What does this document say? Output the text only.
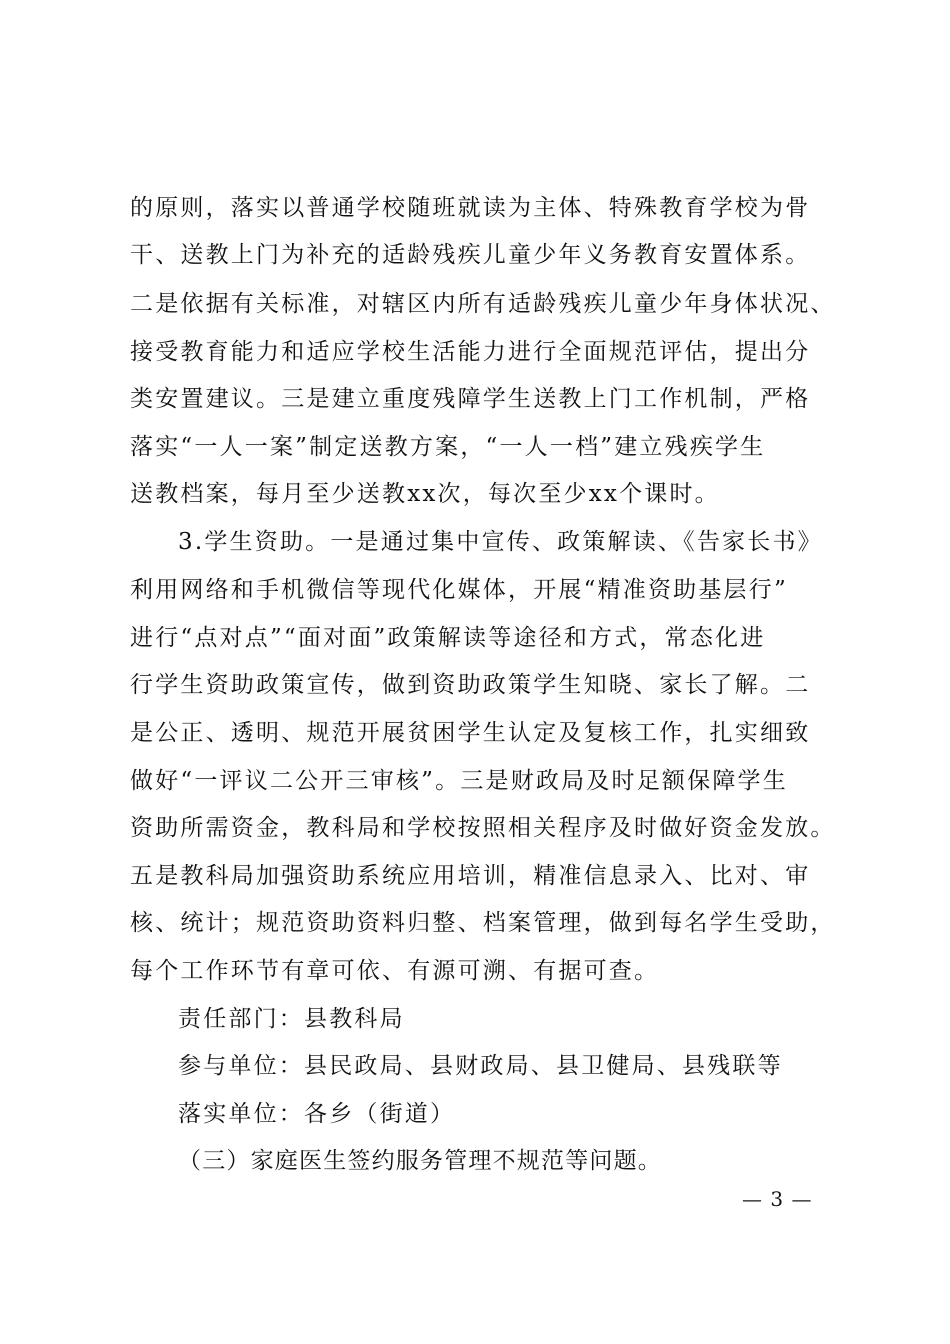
的原则，落实以普通学校随班就读为主体、特殊教育学校为骨
干、送教上门为补充的适龄残疾儿童少年义务教育安置体系。
二是依据有关标准，对辖区内所有适龄残疾儿童少年身体状况、
接受教育能力和适应学校生活能力进行全面规范评估，提出分
类安置建议。三是建立重度残障学生送教上门工作机制，严格
落实“一人一案”制定送教方案，“一人一档”建立残疾学生
送教档案，每月至少送教xx次，每次至少xx个课时。
3.学生资助。一是通过集中宣传、政策解读、《告家长书》
利用网络和手机微信等现代化媒体，开展“精准资助基层行”
进行“点对点”“面对面”政策解读等途径和方式，常态化进
行学生资助政策宣传，做到资助政策学生知晓、家长了解。二
是公正、透明、规范开展贫困学生认定及复核工作，扎实细致
做好“一评议二公开三审核”。三是财政局及时足额保障学生
资助所需资金，教科局和学校按照相关程序及时做好资金发放。
五是教科局加强资助系统应用培训，精准信息录入、比对、审
核、统计；规范资助资料归整、档案管理，做到每名学生受助，
每个工作环节有章可依、有源可溯、有据可查。
责任部门：县教科局
参与单位：县民政局、县财政局、县卫健局、县残联等
落实单位：各乡（街道）
（三）家庭医生签约服务管理不规范等问题。
— 3 —
